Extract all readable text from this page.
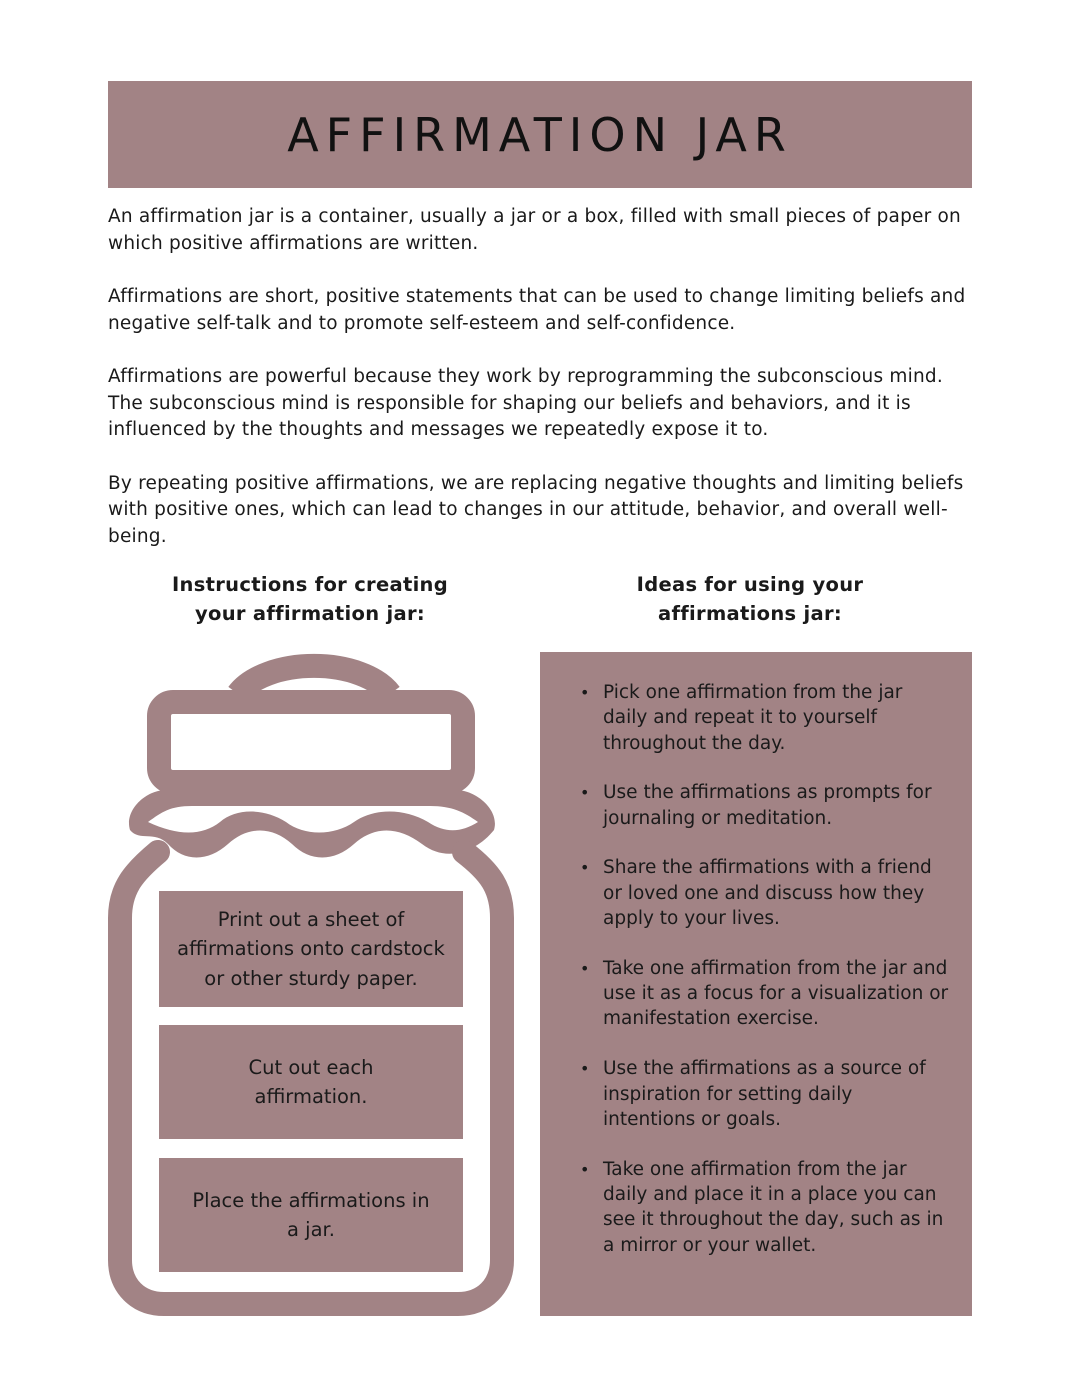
AFFIRMATION JAR

An affirmation jar is a container, usually a jar or a box, filled with small pieces of paper on which positive affirmations are written.

Affirmations are short, positive statements that can be used to change limiting beliefs and negative self-talk and to promote self-esteem and self-confidence.

Affirmations are powerful because they work by reprogramming the subconscious mind. The subconscious mind is responsible for shaping our beliefs and behaviors, and it is influenced by the thoughts and messages we repeatedly expose it to.

By repeating positive affirmations, we are replacing negative thoughts and limiting beliefs with positive ones, which can lead to changes in our attitude, behavior, and overall well-being.

Instructions for creating
your affirmation jar:
Ideas for using your
affirmations jar:
Print out a sheet of affirmations onto cardstock or other sturdy paper.
Cut out each affirmation.
Place the affirmations in a jar.
• Pick one affirmation from the jar daily and repeat it to yourself throughout the day.
• Use the affirmations as prompts for journaling or meditation.
• Share the affirmations with a friend or loved one and discuss how they apply to your lives.
• Take one affirmation from the jar and use it as a focus for a visualization or manifestation exercise.
• Use the affirmations as a source of inspiration for setting daily intentions or goals.
• Take one affirmation from the jar daily and place it in a place you can see it throughout the day, such as in a mirror or your wallet.
